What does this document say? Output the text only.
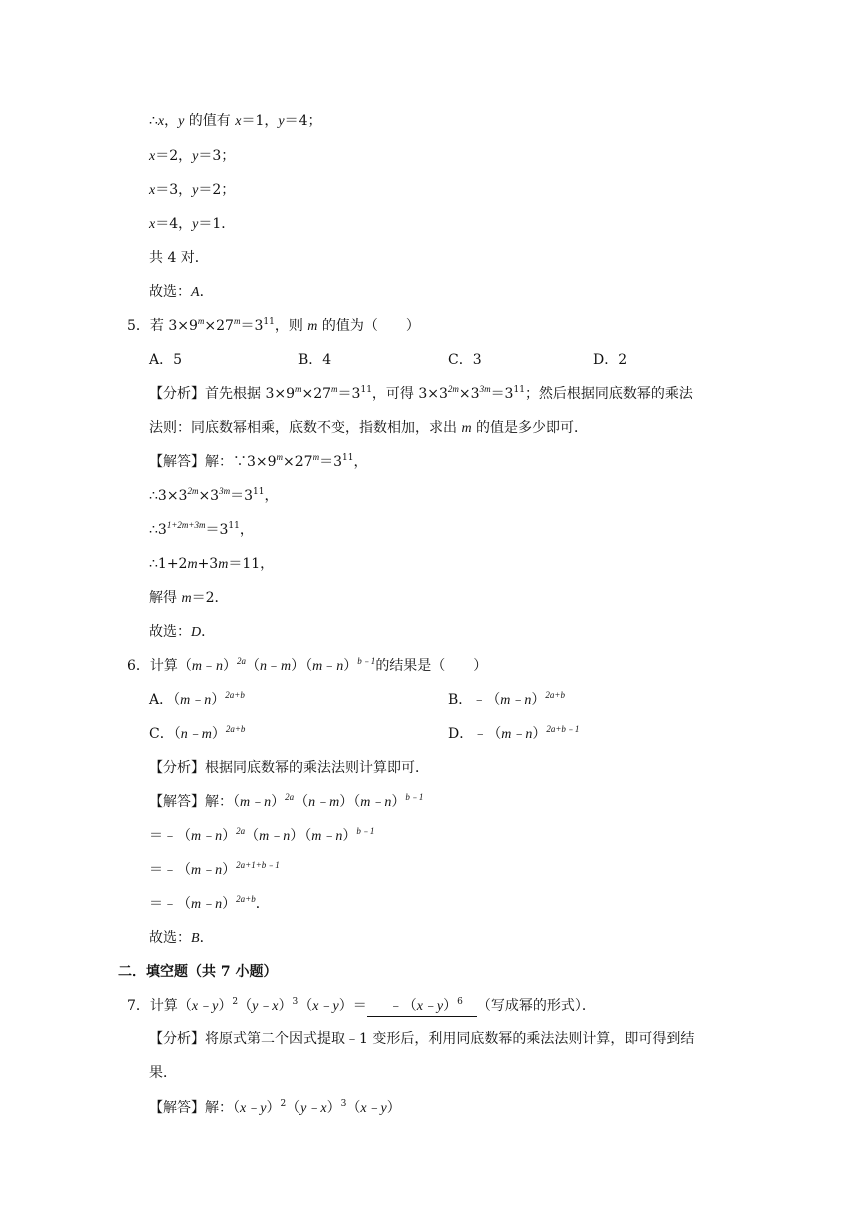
∴x，y 的值有 x＝1，y＝4；
x＝2，y＝3；
x＝3，y＝2；
x＝4，y＝1．
共 4 对．
故选：A．
5．若 $3\times 9^m\times 27^m=3^{11}$，则 m 的值为（　　）
A．5	B．4	C．3	D．2
【分析】首先根据 $3\times 9^m\times 27^m=3^{11}$，可得 $3\times 3^{2m}\times 3^{3m}=3^{11}$；然后根据同底数幂的乘法
法则：同底数幂相乘，底数不变，指数相加，求出 m 的值是多少即可．
【解答】解：$\because 3\times 9^m\times 27^m=3^{11}$，
$\therefore 3\times 3^{2m}\times 3^{3m}=3^{11}$，
$\therefore 3^{1+2m+3m}=3^{11}$，
∴1+2m+3m＝11，
解得 m＝2．
故选：D．
6．计算（m﹣n）$^{2a}$（n﹣m）（m﹣n）$^{b﹣1}$的结果是（　　）
A．（m﹣n）$^{2a+b}$	B．﹣（m﹣n）$^{2a+b}$
C．（n﹣m）$^{2a+b}$	D．﹣（m﹣n）$^{2a+b﹣1}$
【分析】根据同底数幂的乘法法则计算即可．
【解答】解：（m﹣n）$^{2a}$（n﹣m）（m﹣n）$^{b﹣1}$
＝﹣（m﹣n）$^{2a}$（m﹣n）（m﹣n）$^{b﹣1}$
＝﹣（m﹣n）$^{2a+1+b﹣1}$
＝﹣（m﹣n）$^{2a+b}$．
故选：B．
二．填空题（共 7 小题）
7．计算（x﹣y）$^2$（y﹣x）$^3$（x﹣y）＝ ﹣（x﹣y）$^6$ （写成幂的形式）．
【分析】将原式第二个因式提取﹣1 变形后，利用同底数幂的乘法法则计算，即可得到结
果．
【解答】解：（x﹣y）$^2$（y﹣x）$^3$（x﹣y）
